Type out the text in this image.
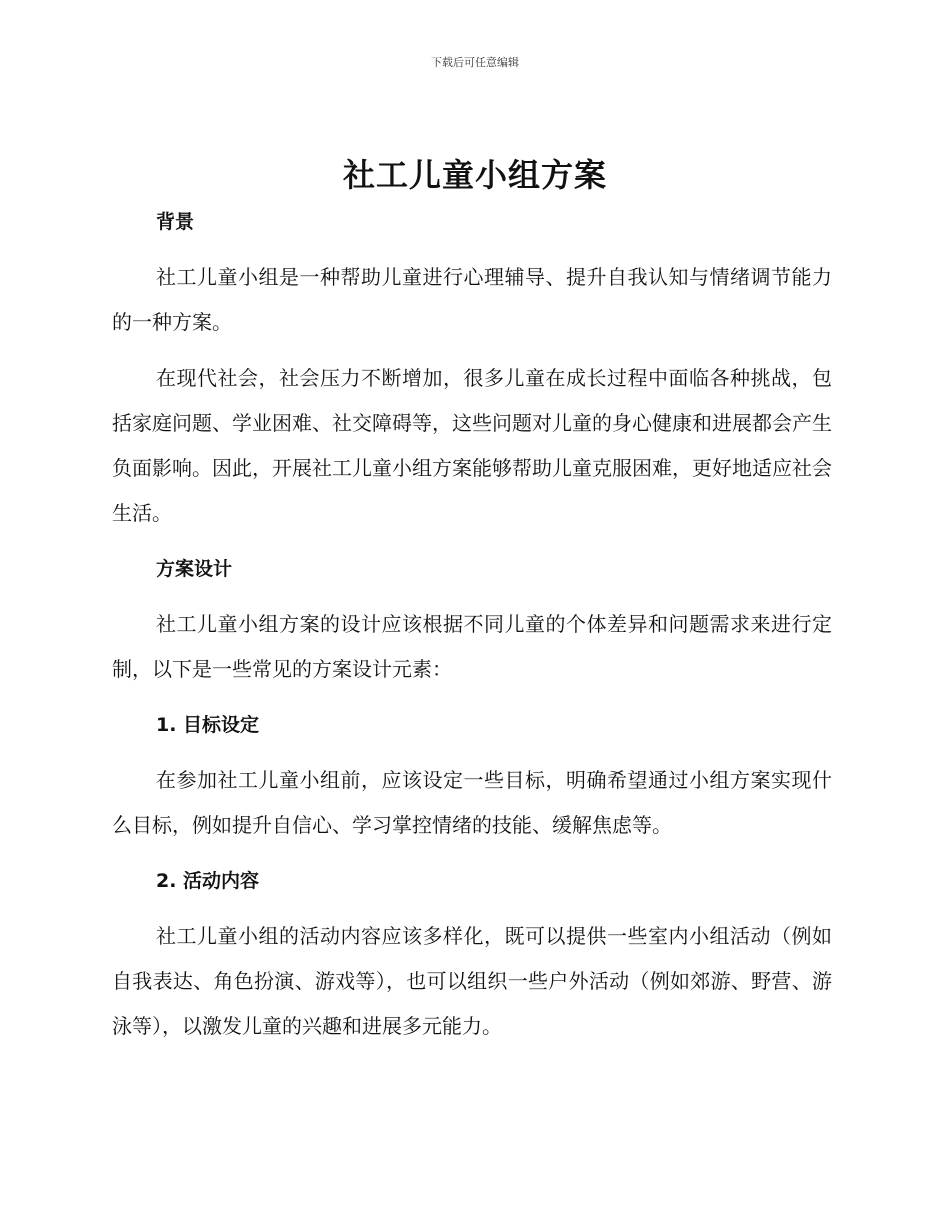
下载后可任意编辑
社工儿童小组方案
背景

社工儿童小组是一种帮助儿童进行心理辅导、提升自我认知与情绪调节能力的一种方案。

在现代社会，社会压力不断增加，很多儿童在成长过程中面临各种挑战，包括家庭问题、学业困难、社交障碍等，这些问题对儿童的身心健康和进展都会产生负面影响。因此，开展社工儿童小组方案能够帮助儿童克服困难，更好地适应社会生活。

方案设计

社工儿童小组方案的设计应该根据不同儿童的个体差异和问题需求来进行定制，以下是一些常见的方案设计元素：

1. 目标设定

在参加社工儿童小组前，应该设定一些目标，明确希望通过小组方案实现什么目标，例如提升自信心、学习掌控情绪的技能、缓解焦虑等。

2. 活动内容

社工儿童小组的活动内容应该多样化，既可以提供一些室内小组活动（例如自我表达、角色扮演、游戏等），也可以组织一些户外活动（例如郊游、野营、游泳等），以激发儿童的兴趣和进展多元能力。
